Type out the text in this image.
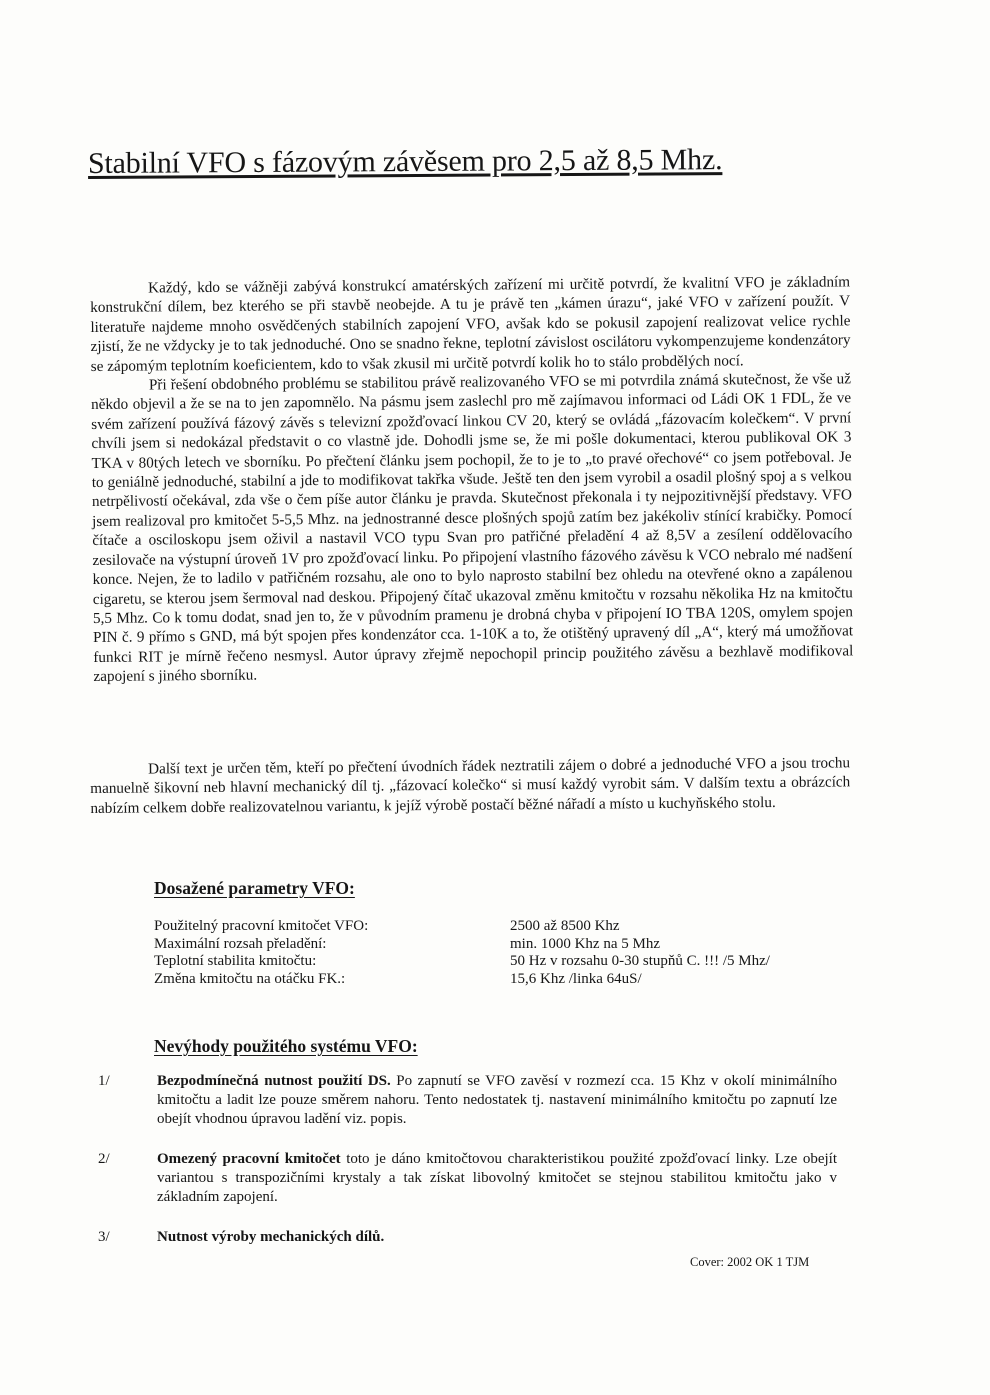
Stabilní VFO s fázovým závěsem pro 2,5 až 8,5 Mhz.

Každý, kdo se vážněji zabývá konstrukcí amatérských zařízení mi určitě potvrdí, že kvalitní VFO je základním konstrukční dílem, bez kterého se při stavbě neobejde. A tu je právě ten „kámen úrazu“, jaké VFO v zařízení použít. V literatuře najdeme mnoho osvědčených stabilních zapojení VFO, avšak kdo se pokusil zapojení realizovat velice rychle zjistí, že ne vždycky je to tak jednoduché. Ono se snadno řekne, teplotní závislost oscilátoru vykompenzujeme kondenzátory se zápomým teplotním koeficientem, kdo to však zkusil mi určitě potvrdí kolik ho to stálo probdělých nocí.

Při řešení obdobného problému se stabilitou právě realizovaného VFO se mi potvrdila známá skutečnost, že vše už někdo objevil a že se na to jen zapomnělo. Na pásmu jsem zaslechl pro mě zajímavou informaci od Ládi OK 1 FDL, že ve svém zařízení používá fázový závěs s televizní zpožďovací linkou CV 20, který se ovládá „fázovacím kolečkem“. V první chvíli jsem si nedokázal představit o co vlastně jde. Dohodli jsme se, že mi pošle dokumentaci, kterou publikoval OK 3 TKA v 80tých letech ve sborníku. Po přečtení článku jsem pochopil, že to je to „to pravé ořechové“ co jsem potřeboval. Je to geniálně jednoduché, stabilní a jde to modifikovat takřka všude. Ještě ten den jsem vyrobil a osadil plošný spoj a s velkou netrpělivostí očekával, zda vše o čem píše autor článku je pravda. Skutečnost překonala i ty nejpozitivnější představy. VFO jsem realizoval pro kmitočet 5-5,5 Mhz. na jednostranné desce plošných spojů zatím bez jakékoliv stínící krabičky. Pomocí čítače a osciloskopu jsem oživil a nastavil VCO typu Svan pro patřičné přeladění 4 až 8,5V a zesílení oddělovacího zesilovače na výstupní úroveň 1V pro zpožďovací linku. Po připojení vlastního fázového závěsu k VCO nebralo mé nadšení konce. Nejen, že to ladilo v patřičném rozsahu, ale ono to bylo naprosto stabilní bez ohledu na otevřené okno a zapálenou cigaretu, se kterou jsem šermoval nad deskou. Připojený čítač ukazoval změnu kmitočtu v rozsahu několika Hz na kmitočtu 5,5 Mhz. Co k tomu dodat, snad jen to, že v původním pramenu je drobná chyba v připojení IO TBA 120S, omylem spojen PIN č. 9 přímo s GND, má být spojen přes kondenzátor cca. 1-10K a to, že otištěný upravený díl „A“, který má umožňovat funkci RIT je mírně řečeno nesmysl. Autor úpravy zřejmě nepochopil princip použitého závěsu a bezhlavě modifikoval zapojení s jiného sborníku.

Další text je určen těm, kteří po přečtení úvodních řádek neztratili zájem o dobré a jednoduché VFO a jsou trochu manuelně šikovní neb hlavní mechanický díl tj. „fázovací kolečko“ si musí každý vyrobit sám. V dalším textu a obrázcích nabízím celkem dobře realizovatelnou variantu, k jejíž výrobě postačí běžné nářadí a místo u kuchyňského stolu.

Dosažené parametry VFO:
Použitelný pracovní kmitočet VFO:	2500 až 8500 Khz
Maximální rozsah přeladění:	min. 1000 Khz na 5 Mhz
Teplotní stabilita kmitočtu:	50 Hz v rozsahu 0-30 stupňů C. !!! /5 Mhz/
Změna kmitočtu na otáčku FK.:	15,6 Khz /linka 64uS/
Nevýhody použitého systému VFO:
1/	Bezpodmínečná nutnost použití DS. Po zapnutí se VFO zavěsí v rozmezí cca. 15 Khz v okolí minimálního kmitočtu a ladit lze pouze směrem nahoru. Tento nedostatek tj. nastavení minimálního kmitočtu po zapnutí lze obejít vhodnou úpravou ladění viz. popis.
2/	Omezený pracovní kmitočet toto je dáno kmitočtovou charakteristikou použité zpožďovací linky. Lze obejít variantou s transpozičními krystaly a tak získat libovolný kmitočet se stejnou stabilitou kmitočtu jako v základním zapojení.
3/	Nutnost výroby mechanických dílů.
Cover: 2002 OK 1 TJM
